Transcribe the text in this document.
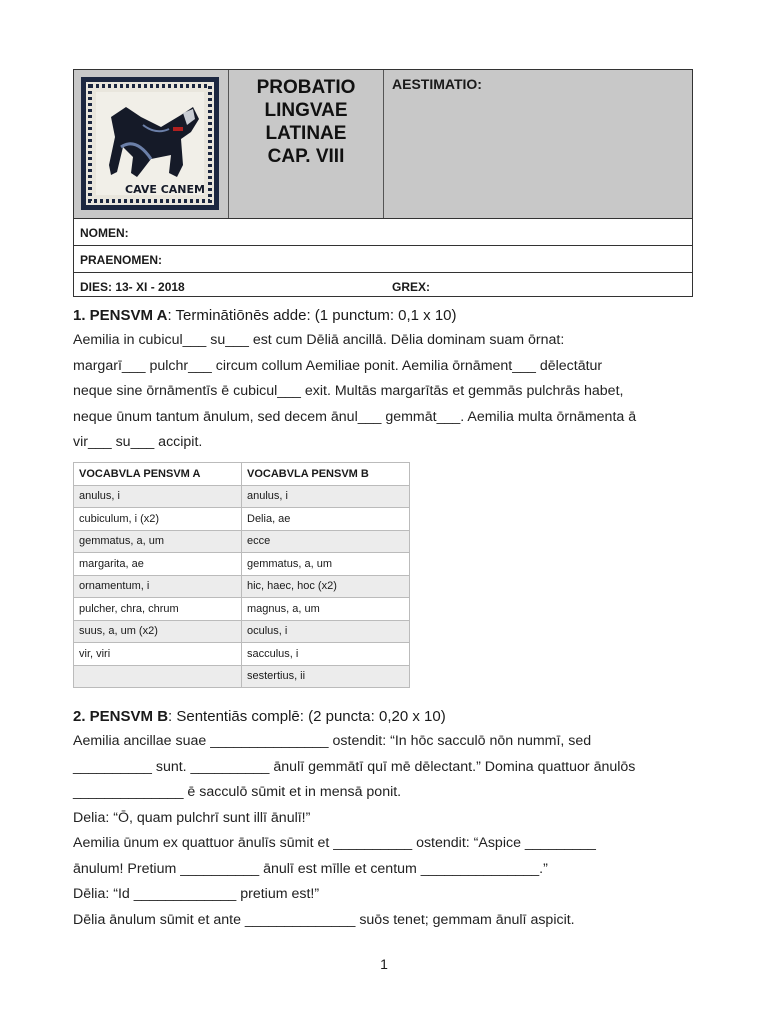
CAVE CANEM
PROBATIO
LINGVAE
LATINAE
CAP. VIII
AESTIMATIO:
NOMEN:
PRAENOMEN:
DIES: 13- XI - 2018	GREX:
1. PENSVM A: Terminātiōnēs adde: (1 punctum: 0,1 x 10)
Aemilia in cubicul___ su___ est cum Dēliā ancillā. Dēlia dominam suam ōrnat:
margarī___ pulchr___ circum collum Aemiliae ponit. Aemilia ōrnāment___ dēlectātur
neque sine ōrnāmentīs ē cubicul___ exit. Multās margarītās et gemmās pulchrās habet,
neque ūnum tantum ānulum, sed decem ānul___ gemmāt___. Aemilia multa ōrnāmenta ā
vir___ su___ accipit.
VOCABVLA PENSVM A	VOCABVLA PENSVM B
anulus, i	anulus, i
cubiculum, i (x2)	Delia, ae
gemmatus, a, um	ecce
margarita, ae	gemmatus, a, um
ornamentum, i	hic, haec, hoc (x2)
pulcher, chra, chrum	magnus, a, um
suus, a, um (x2)	oculus, i
vir, viri	sacculus, i
	sestertius, ii
2. PENSVM B: Sententiās complē: (2 puncta: 0,20 x 10)
Aemilia ancillae suae _______________ ostendit: “In hōc sacculō nōn nummī, sed
__________ sunt. __________ ānulī gemmātī quī mē dēlectant.” Domina quattuor ānulōs
______________ ē sacculō sūmit et in mensā ponit.
Delia: “Ō, quam pulchrī sunt illī ānulī!”
Aemilia ūnum ex quattuor ānulīs sūmit et __________ ostendit: “Aspice _________
ānulum! Pretium __________ ānulī est mīlle et centum _______________.”
Dēlia: “Id _____________ pretium est!”
Dēlia ānulum sūmit et ante ______________ suōs tenet; gemmam ānulī aspicit.
1
